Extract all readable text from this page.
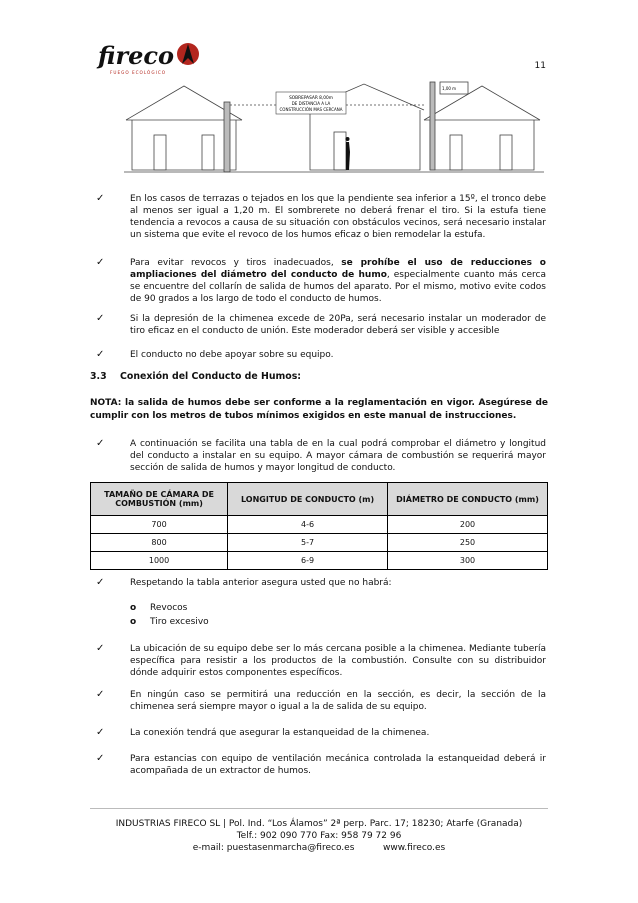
fireco
FUEGO ECOLÓGICO
11
SOBREPASAR 8,00m
DE DISTANCIA A LA
CONSTRUCCIÓN MAS CERCANA
1,00 m
✓	En los casos de terrazas o tejados en los que la pendiente sea inferior a 15º, el tronco debe al menos ser igual a 1,20 m. El sombrerete no deberá frenar el tiro. Si la estufa tiene tendencia a revocos a causa de su situación con obstáculos vecinos, será necesario instalar un sistema que evite el revoco de los humos eficaz o bien remodelar la estufa.
✓	Para evitar revocos y tiros inadecuados, se prohíbe el uso de reducciones o ampliaciones del diámetro del conducto de humo, especialmente cuanto más cerca se encuentre del collarín de salida de humos del aparato. Por el mismo, motivo evite codos de 90 grados a los largo de todo el conducto de humos.
✓	Si la depresión de la chimenea excede de 20Pa, será necesario instalar un moderador de tiro eficaz en el conducto de unión. Este moderador deberá ser visible y accesible
✓	El conducto no debe apoyar sobre su equipo.
3.3 Conexión del Conducto de Humos:
NOTA: la salida de humos debe ser conforme a la reglamentación en vigor. Asegúrese de cumplir con los metros de tubos mínimos exigidos en este manual de instrucciones.
✓	A continuación se facilita una tabla de en la cual podrá comprobar el diámetro y longitud del conducto a instalar en su equipo. A mayor cámara de combustión se requerirá mayor sección de salida de humos y mayor longitud de conducto.
TAMAÑO DE CÁMARA DE COMBUSTIÓN (mm)	LONGITUD DE CONDUCTO (m)	DIÁMETRO DE CONDUCTO (mm)
700	4-6	200
800	5-7	250
1000	6-9	300
✓	Respetando la tabla anterior asegura usted que no habrá:
o Revocos
o Tiro excesivo
✓	La ubicación de su equipo debe ser lo más cercana posible a la chimenea. Mediante tubería específica para resistir a los productos de la combustión. Consulte con su distribuidor dónde adquirir estos componentes específicos.
✓	En ningún caso se permitirá una reducción en la sección, es decir, la sección de la chimenea será siempre mayor o igual a la de salida de su equipo.
✓	La conexión tendrá que asegurar la estanqueidad de la chimenea.
✓	Para estancias con equipo de ventilación mecánica controlada la estanqueidad deberá ir acompañada de un extractor de humos.
INDUSTRIAS FIRECO SL | Pol. Ind. “Los Álamos” 2ª perp. Parc. 17; 18230; Atarfe (Granada)
Telf.: 902 090 770 Fax: 958 79 72 96
e-mail: puestasenmarcha@fireco.es          www.fireco.es
